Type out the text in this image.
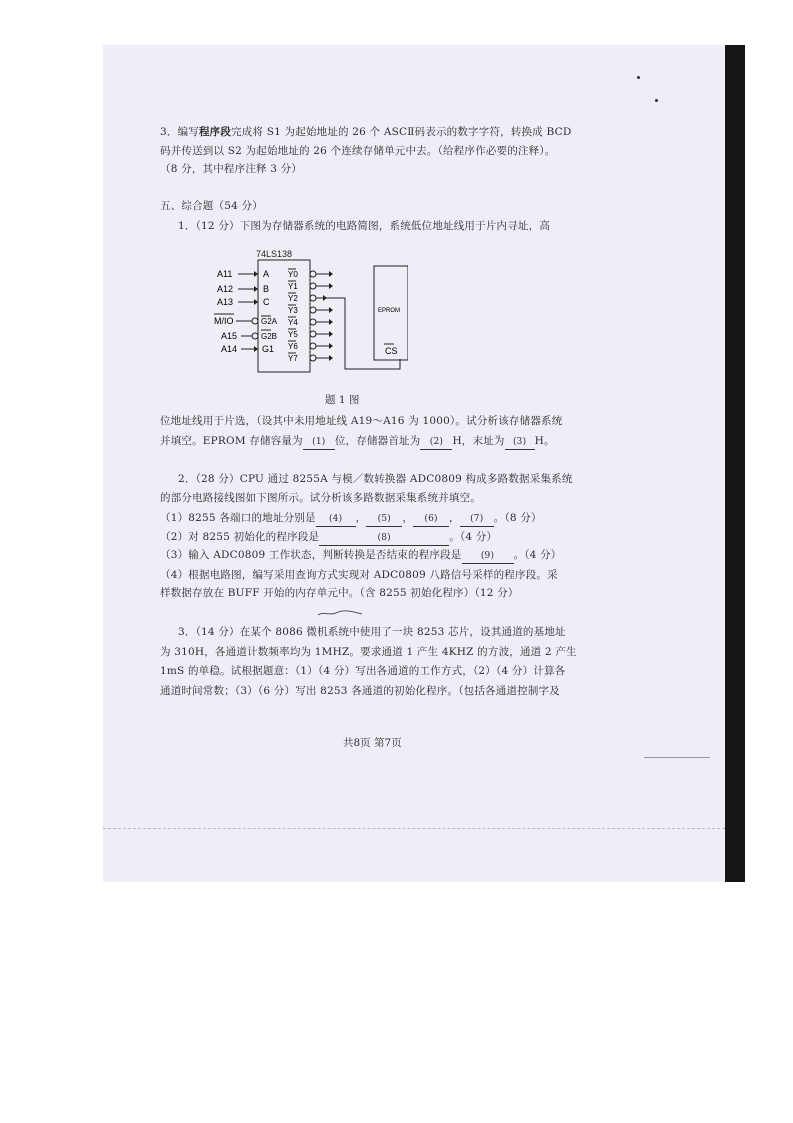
3．编写程序段完成将 S1 为起始地址的 26 个 ASCⅡ码表示的数字字符，转换成 BCD
码并传送到以 S2 为起始地址的 26 个连续存储单元中去。（给程序作必要的注释）。
（8 分，其中程序注释 3 分）
五、综合题（54 分）
1．（12 分）下图为存储器系统的电路简图，系统低位地址线用于片内寻址，高
74LS138
A11	A
A12	B
A13	C
M/IO	G2A
A15	G2B
A14	G1
Y0
Y1
Y2
Y3
Y4
Y5
Y6
Y7
EPROM
CS
题 1 图
位地址线用于片选，（设其中未用地址线 A19～A16 为 1000）。试分析该存储器系统
并填空。EPROM 存储容量为 (1) 位，存储器首址为 (2) H，末址为 (3) H。
2．（28 分）CPU 通过 8255A 与模／数转换器 ADC0809 构成多路数据采集系统
的部分电路接线图如下图所示。试分析该多路数据采集系统并填空。
（1）8255 各端口的地址分别是 (4) ， (5) ， (6) ， (7) 。（8 分）
（2）对 8255 初始化的程序段是	(8)	。（4 分）
（3）输入 ADC0809 工作状态，判断转换是否结束的程序段是 (9) 。（4 分）
（4）根据电路图，编写采用查询方式实现对 ADC0809 八路信号采样的程序段。采
样数据存放在 BUFF 开始的内存单元中。（含 8255 初始化程序）（12 分）
3．（14 分）在某个 8086 微机系统中使用了一块 8253 芯片，设其通道的基地址
为 310H，各通道计数频率均为 1MHZ。要求通道 1 产生 4KHZ 的方波，通道 2 产生
1mS 的单稳。试根据题意：（1）（4 分）写出各通道的工作方式，（2）（4 分）计算各
通道时间常数；（3）（6 分）写出 8253 各通道的初始化程序。（包括各通道控制字及
共8页 第7页
